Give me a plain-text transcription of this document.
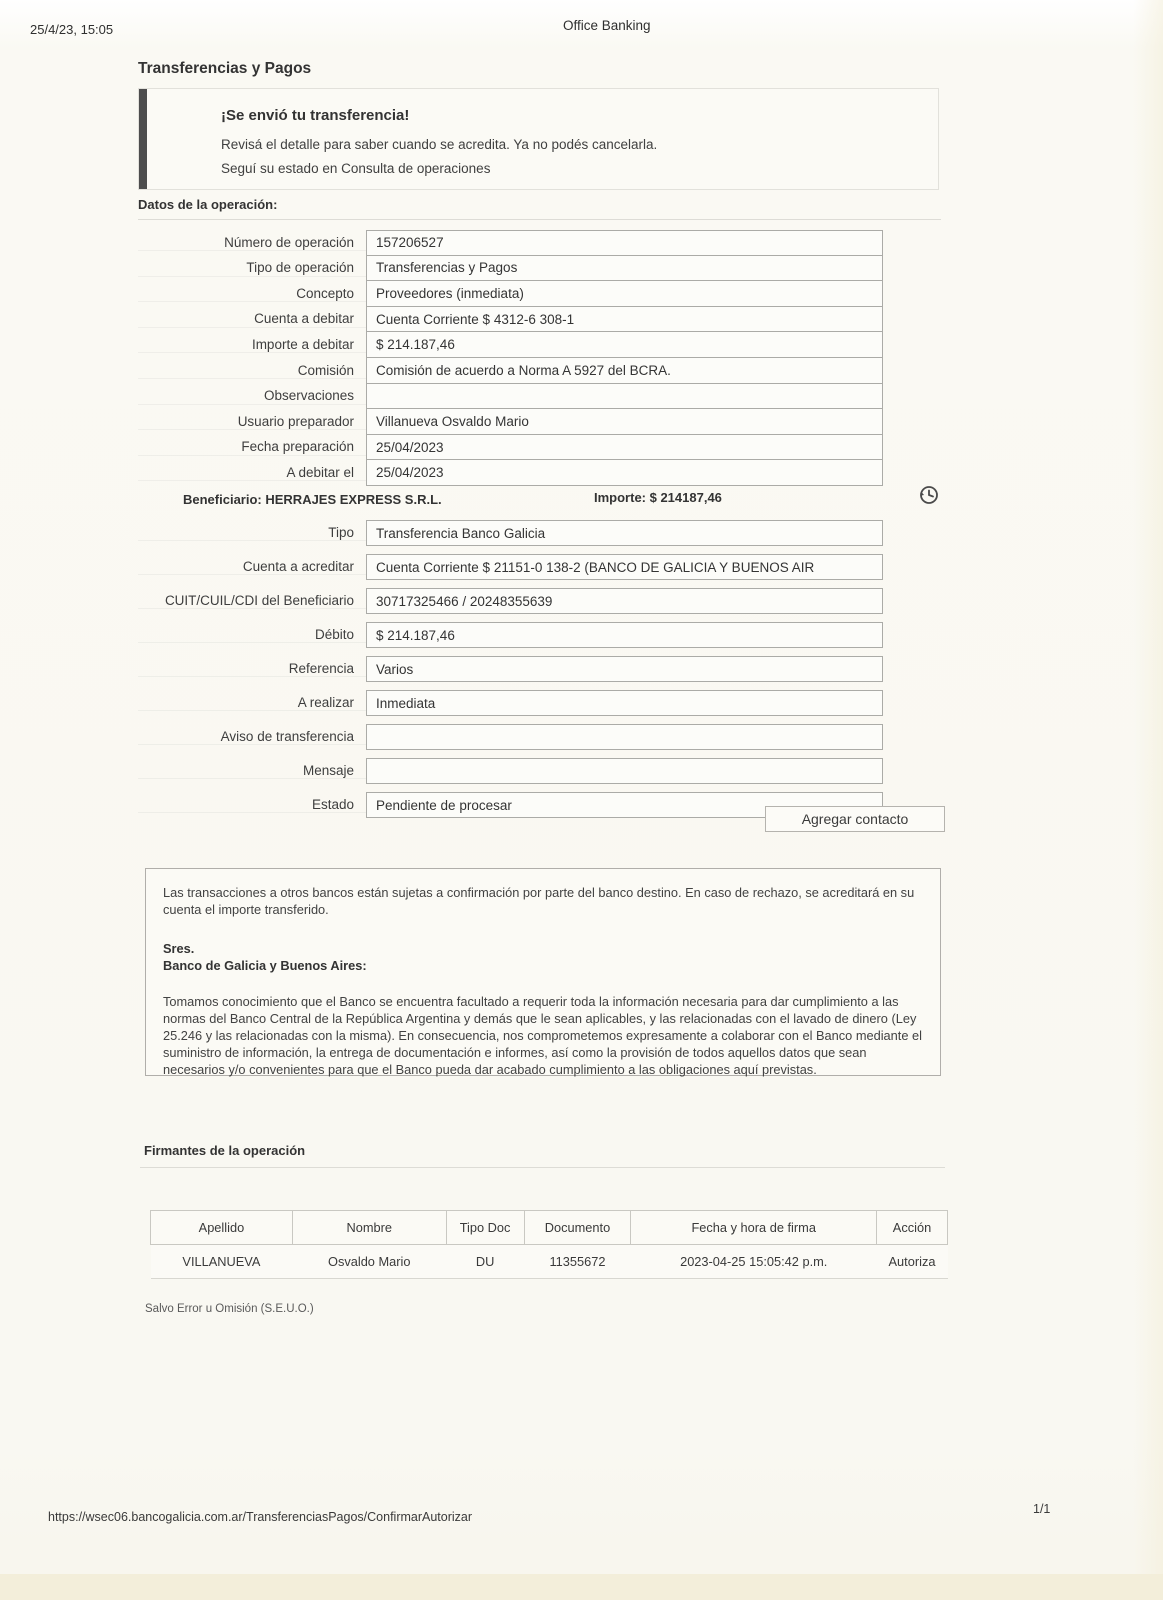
25/4/23, 15:05	Office Banking
Transferencias y Pagos
¡Se envió tu transferencia!
Revisá el detalle para saber cuando se acredita. Ya no podés cancelarla.
Seguí su estado en Consulta de operaciones
Datos de la operación:
Número de operación	157206527
Tipo de operación	Transferencias y Pagos
Concepto	Proveedores (inmediata)
Cuenta a debitar	Cuenta Corriente $ 4312-6 308-1
Importe a debitar	$ 214.187,46
Comisión	Comisión de acuerdo a Norma A 5927 del BCRA.
Observaciones
Usuario preparador	Villanueva Osvaldo Mario
Fecha preparación	25/04/2023
A debitar el	25/04/2023
Beneficiario: HERRAJES EXPRESS S.R.L.	Importe: $ 214187,46
Tipo	Transferencia Banco Galicia
Cuenta a acreditar	Cuenta Corriente $ 21151-0 138-2 (BANCO DE GALICIA Y BUENOS AIR
CUIT/CUIL/CDI del Beneficiario	30717325466 / 20248355639
Débito	$ 214.187,46
Referencia	Varios
A realizar	Inmediata
Aviso de transferencia
Mensaje
Estado	Pendiente de procesar
Agregar contacto

Las transacciones a otros bancos están sujetas a confirmación por parte del banco destino. En caso de rechazo, se acreditará en su cuenta el importe transferido.

Sres.
Banco de Galicia y Buenos Aires:

Tomamos conocimiento que el Banco se encuentra facultado a requerir toda la información necesaria para dar cumplimiento a las normas del Banco Central de la República Argentina y demás que le sean aplicables, y las relacionadas con el lavado de dinero (Ley 25.246 y las relacionadas con la misma). En consecuencia, nos comprometemos expresamente a colaborar con el Banco mediante el suministro de información, la entrega de documentación e informes, así como la provisión de todos aquellos datos que sean necesarios y/o convenientes para que el Banco pueda dar acabado cumplimiento a las obligaciones aquí previstas.

Firmantes de la operación
Apellido	Nombre	Tipo Doc	Documento	Fecha y hora de firma	Acción
VILLANUEVA	Osvaldo Mario	DU	11355672	2023-04-25 15:05:42 p.m.	Autoriza
Salvo Error u Omisión (S.E.U.O.)
https://wsec06.bancogalicia.com.ar/TransferenciasPagos/ConfirmarAutorizar
1/1
